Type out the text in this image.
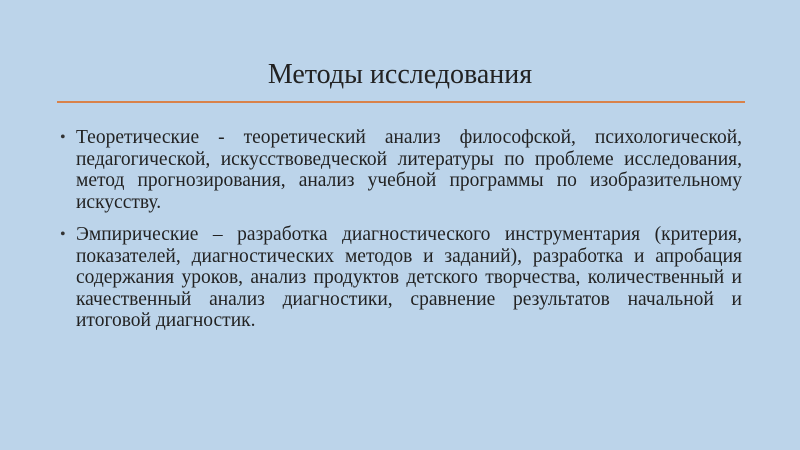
Методы исследования
• Теоретические - теоретический анализ философской, психологической, педагогической, искусствоведческой литературы по проблеме исследования, метод прогнозирования, анализ учебной программы по изобразительному искусству.
• Эмпирические – разработка диагностического инструментария (критерия, показателей, диагностических методов и заданий), разработка и апробация содержания уроков, анализ продуктов детского творчества, количественный и качественный анализ диагностики, сравнение результатов начальной и итоговой диагностик.
